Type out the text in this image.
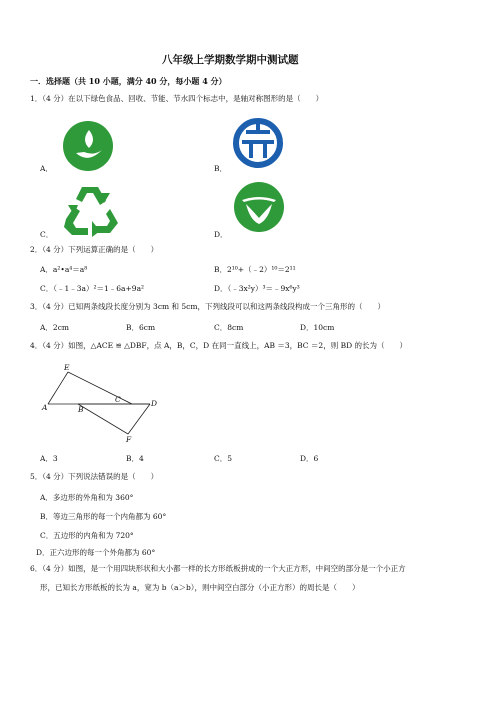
八年级上学期数学期中测试题
一．选择题（共 10 小题，满分 40 分，每小题 4 分）
1．（4 分）在以下绿色食品、回收、节能、节水四个标志中，是轴对称图形的是（　　）
A．	B．
C．	D．
2．（4 分）下列运算正确的是（　　）
A．a²•a⁴＝a⁸	B．2¹⁰+（﹣2）¹⁰＝2¹¹
C．（﹣1﹣3a）²＝1﹣6a+9a²	D．（﹣3x²y）³＝﹣9x⁶y³
3．（4 分）已知两条线段长度分别为 3cm 和 5cm，下列线段可以和这两条线段构成一个三角形的（　　）
A．2cm	B．6cm	C．8cm	D．10cm
4．（4 分）如图，△ACE ≌ △DBF，点 A，B，C，D 在同一直线上，AB ＝3，BC ＝2，则 BD 的长为（　　）
E
A	B
C	D
F
A．3	B．4	C．5	D．6
5．（4 分）下列说法错误的是（　　）
A．多边形的外角和为 360°
B．等边三角形的每一个内角都为 60°
C．五边形的内角和为 720°
D．正六边形的每一个外角都为 60°
6．（4 分）如图，是一个用四块形状和大小都一样的长方形纸板拼成的一个大正方形，中间空的部分是一个小正方
形，已知长方形纸板的长为 a，宽为 b（a＞b），则中间空白部分（小正方形）的周长是（　　）
